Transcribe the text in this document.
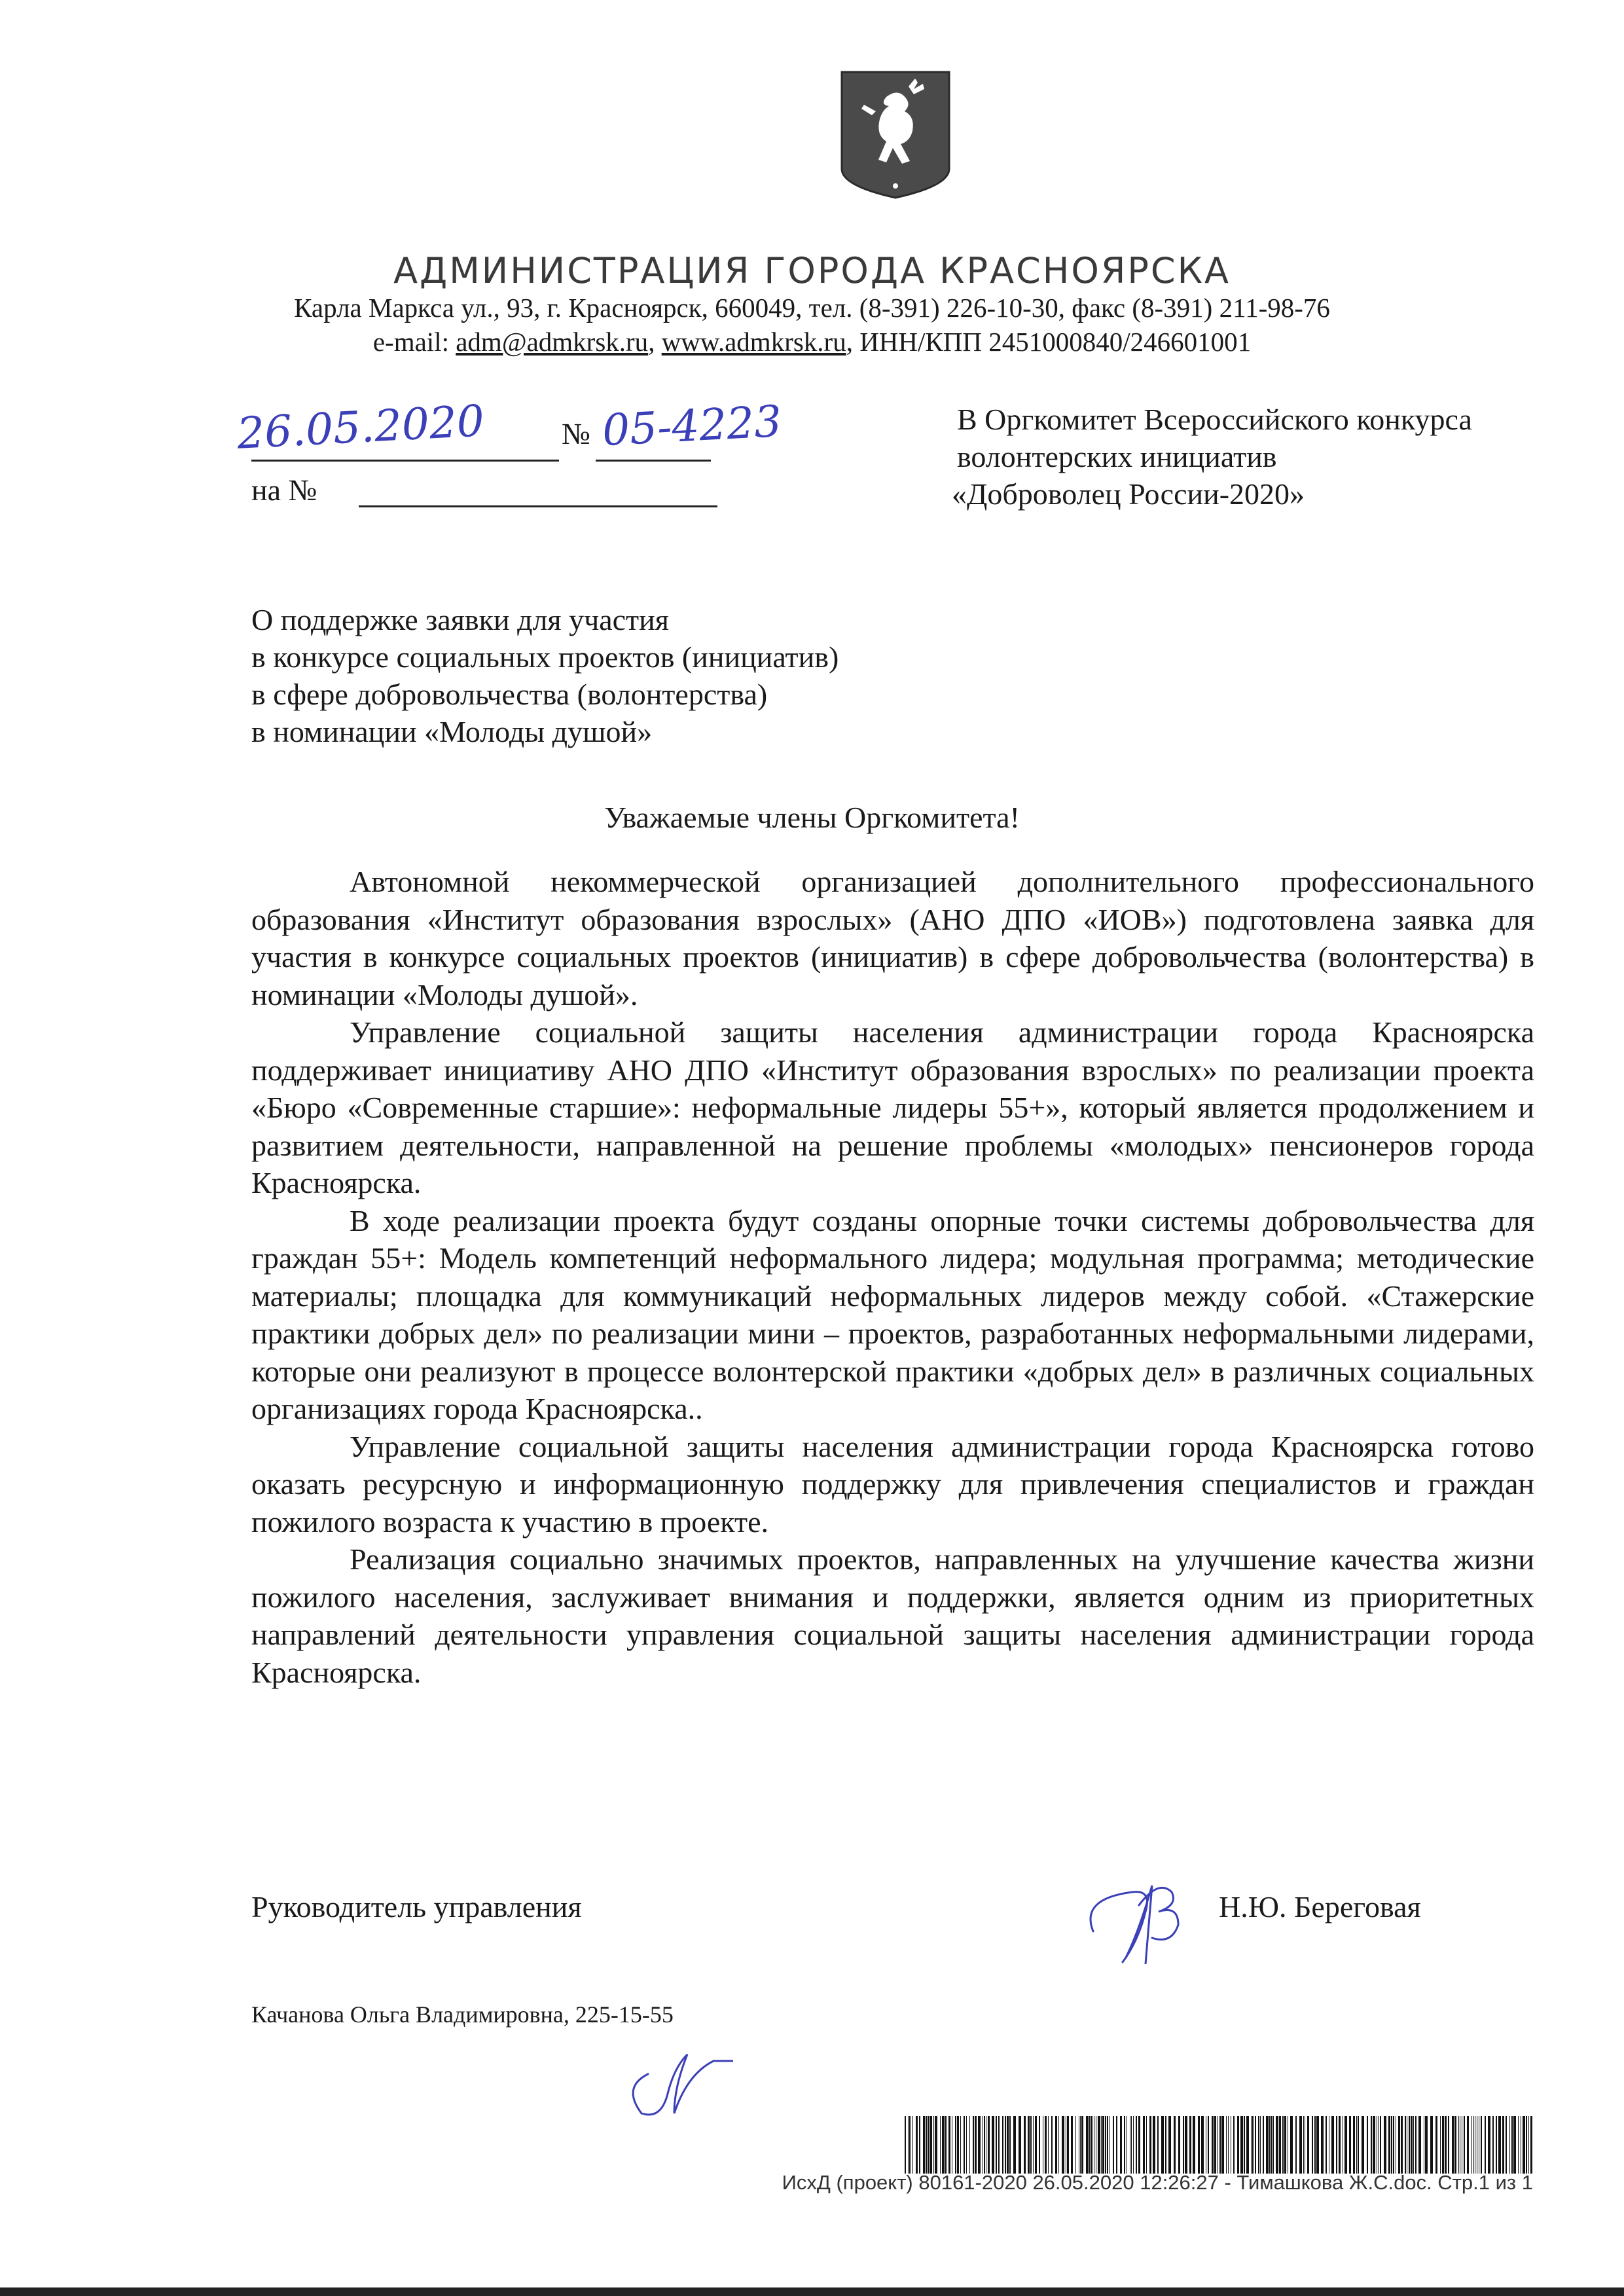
АДМИНИСТРАЦИЯ ГОРОДА КРАСНОЯРСКА
Карла Маркса ул., 93, г. Красноярск, 660049, тел. (8-391) 226-10-30, факс (8-391) 211-98-76
e-mail: adm@admkrsk.ru, www.admkrsk.ru, ИНН/КПП 2451000840/246601001
26.05.2020	№ 05-4223
на №
В Оргкомитет Всероссийского конкурса
волонтерских инициатив
«Доброволец России-2020»
О поддержке заявки для участия
в конкурсе социальных проектов (инициатив)
в сфере добровольчества (волонтерства)
в номинации «Молоды душой»
Уважаемые члены Оргкомитета!

Автономной некоммерческой организацией дополнительного профессионального образования «Институт образования взрослых» (АНО ДПО «ИОВ») подготовлена заявка для участия в конкурсе социальных проектов (инициатив) в сфере добровольчества (волонтерства) в номинации «Молоды душой».

Управление социальной защиты населения администрации города Красноярска поддерживает инициативу АНО ДПО «Институт образования взрослых» по реализации проекта «Бюро «Современные старшие»: неформальные лидеры 55+», который является продолжением и развитием деятельности, направленной на решение проблемы «молодых» пенсионеров города Красноярска.

В ходе реализации проекта будут созданы опорные точки системы добровольчества для граждан 55+: Модель компетенций неформального лидера; модульная программа; методические материалы; площадка для коммуникаций неформальных лидеров между собой. «Стажерские практики добрых дел» по реализации мини – проектов, разработанных неформальными лидерами, которые они реализуют в процессе волонтерской практики «добрых дел» в различных социальных организациях города Красноярска..

Управление социальной защиты населения администрации города Красноярска готово оказать ресурсную и информационную поддержку для привлечения специалистов и граждан пожилого возраста к участию в проекте.

Реализация социально значимых проектов, направленных на улучшение качества жизни пожилого населения, заслуживает внимания и поддержки, является одним из приоритетных направлений деятельности управления социальной защиты населения администрации города Красноярска.

Руководитель управления	Н.Ю. Береговая
Качанова Ольга Владимировна, 225-15-55
ИсхД (проект) 80161-2020 26.05.2020 12:26:27 - Тимашкова Ж.С.doc. Стр.1 из 1
